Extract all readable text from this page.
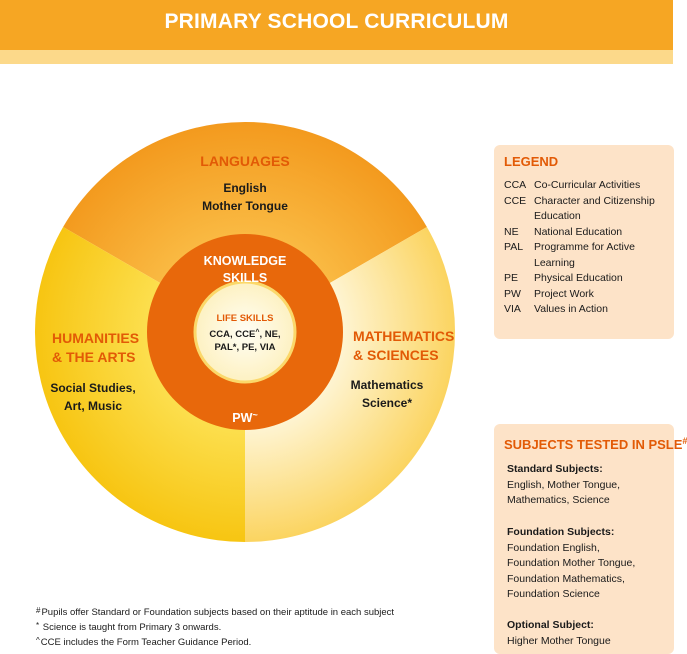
PRIMARY SCHOOL CURRICULUM
LANGUAGES
English
Mother Tongue
HUMANITIES
& THE ARTS
Social Studies,
Art, Music
MATHEMATICS
& SCIENCES
Mathematics
Science*
KNOWLEDGE
SKILLS
LIFE SKILLS
CCA, CCE^, NE,
PAL*, PE, VIA
PW~
LEGEND
CCA Co-Curricular Activities
CCE Character and Citizenship Education
NE	National Education
PAL	Programme for Active Learning
PE	Physical Education
PW	Project Work
VIA	Values in Action
SUBJECTS TESTED IN PSLE#
Standard Subjects:
English, Mother Tongue,
Mathematics, Science
Foundation Subjects:
Foundation English,
Foundation Mother Tongue,
Foundation Mathematics,
Foundation Science
Optional Subject:
Higher Mother Tongue
#Pupils offer Standard or Foundation subjects based on their aptitude in each subject
* Science is taught from Primary 3 onwards.
^CCE includes the Form Teacher Guidance Period.
